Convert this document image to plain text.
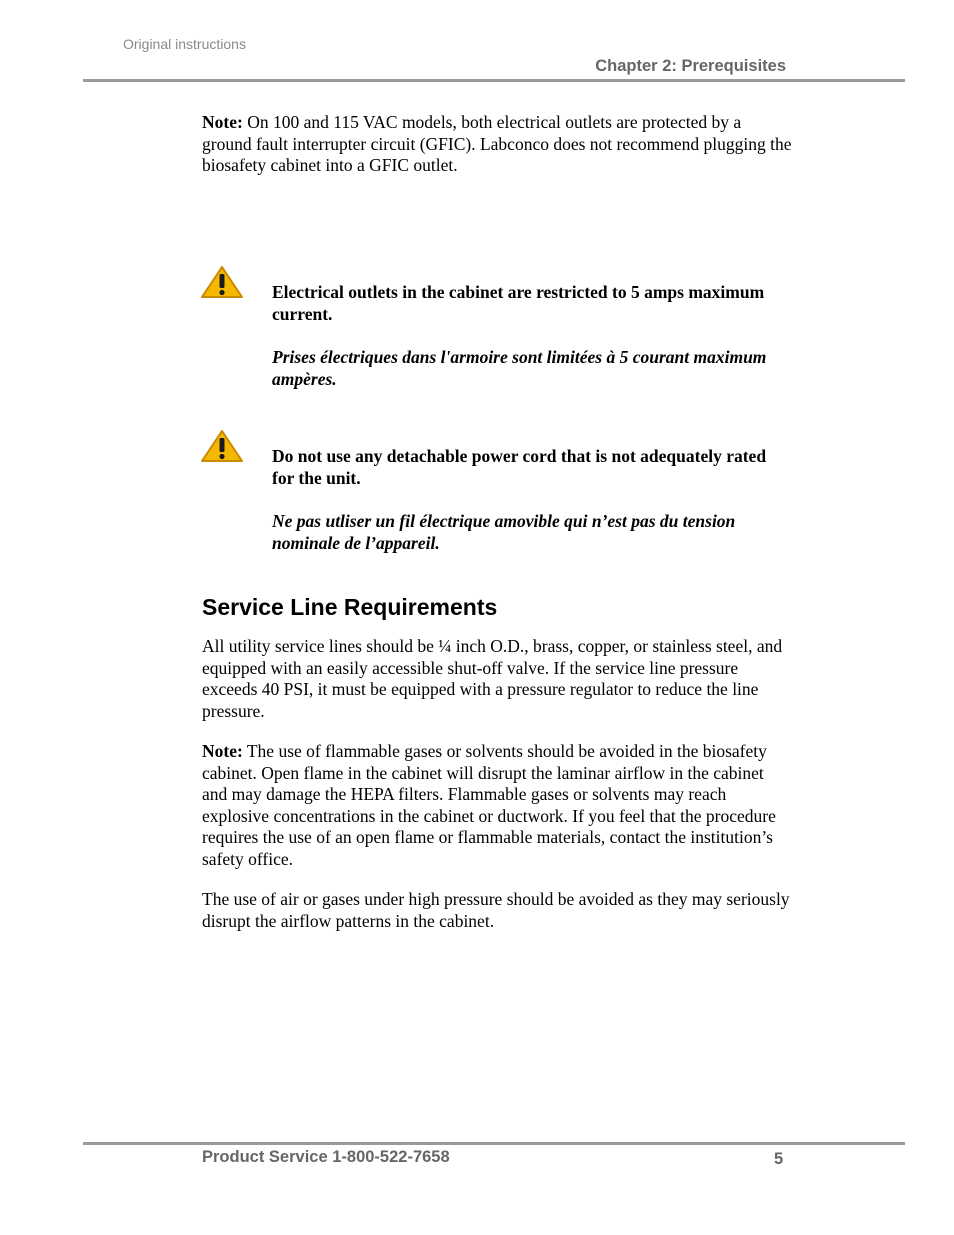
Original instructions
Chapter 2: Prerequisites
Note: On 100 and 115 VAC models, both electrical outlets are protected by a ground fault interrupter circuit (GFIC). Labconco does not recommend plugging the biosafety cabinet into a GFIC outlet.
Electrical outlets in the cabinet are restricted to 5 amps maximum current.
Prises électriques dans l'armoire sont limitées à 5 courant maximum ampères.
Do not use any detachable power cord that is not adequately rated for the unit.
Ne pas utliser un fil électrique amovible qui n’est pas du tension nominale de l’appareil.
Service Line Requirements
All utility service lines should be ¼ inch O.D., brass, copper, or stainless steel, and equipped with an easily accessible shut-off valve. If the service line pressure exceeds 40 PSI, it must be equipped with a pressure regulator to reduce the line pressure.
Note: The use of flammable gases or solvents should be avoided in the biosafety cabinet. Open flame in the cabinet will disrupt the laminar airflow in the cabinet and may damage the HEPA filters. Flammable gases or solvents may reach explosive concentrations in the cabinet or ductwork. If you feel that the procedure requires the use of an open flame or flammable materials, contact the institution’s safety office.
The use of air or gases under high pressure should be avoided as they may seriously disrupt the airflow patterns in the cabinet.
Product Service 1-800-522-7658	5
